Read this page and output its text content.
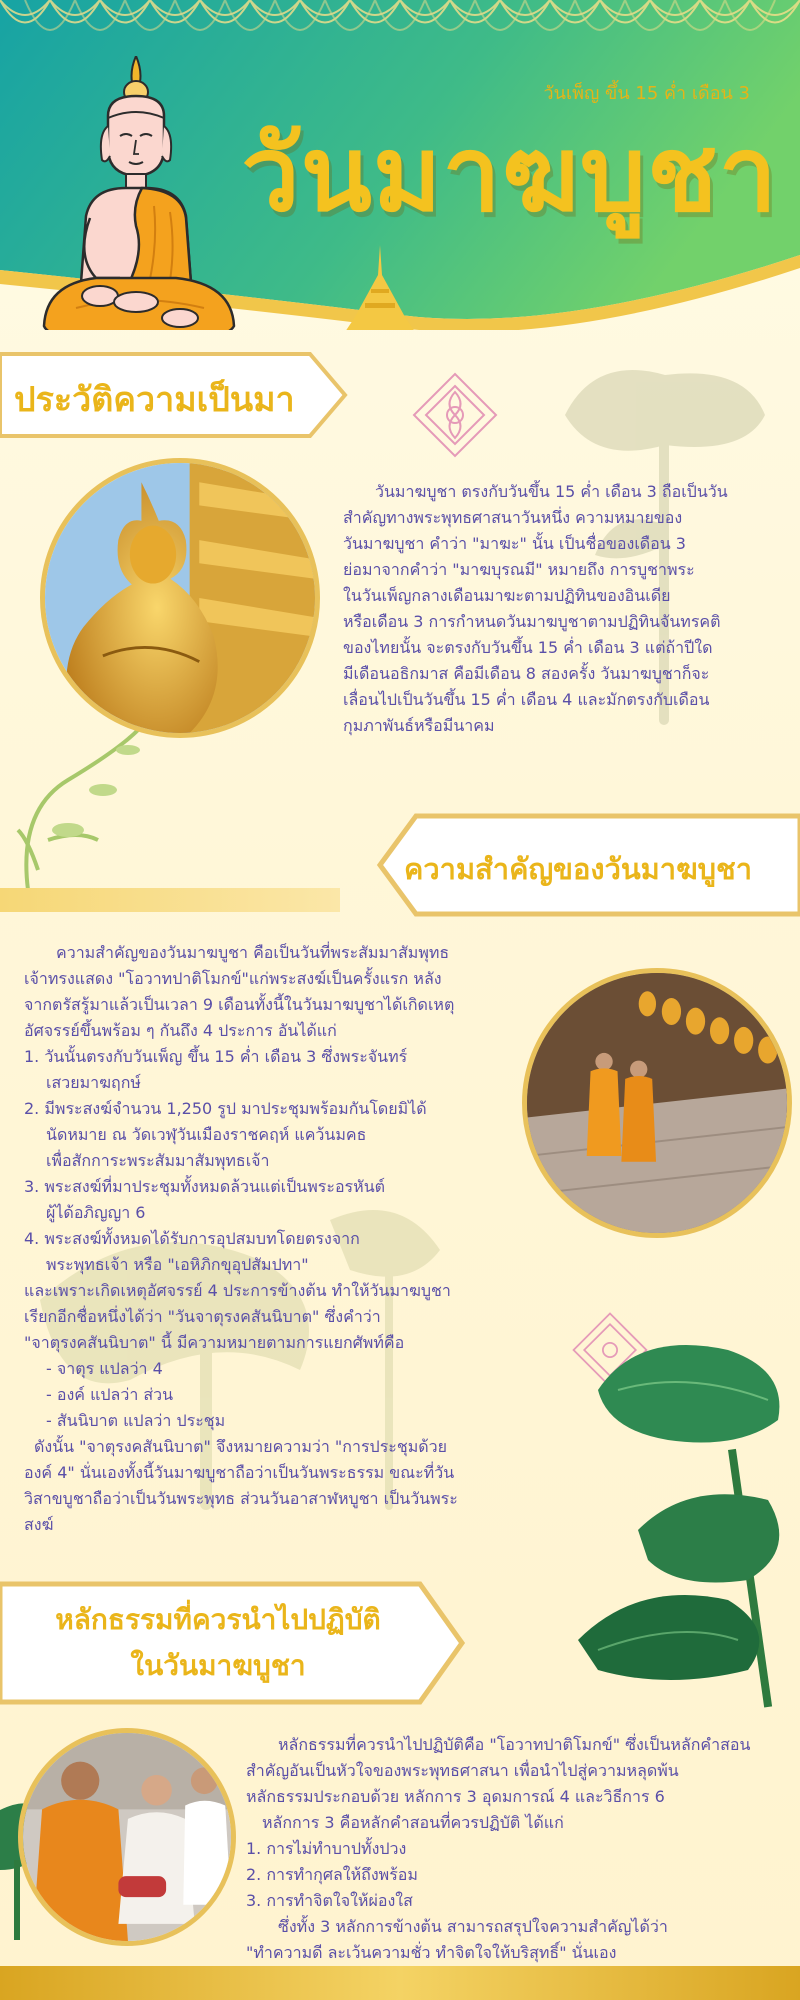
วันเพ็ญ ขึ้น 15 ค่ำ เดือน 3
วันมาฆบูชา
ประวัติความเป็นมา

วันมาฆบูชา ตรงกับวันขึ้น 15 ค่ำ เดือน 3 ถือเป็นวัน

สำคัญทางพระพุทธศาสนาวันหนึ่ง ความหมายของ

วันมาฆบูชา คำว่า "มาฆะ" นั้น เป็นชื่อของเดือน 3

ย่อมาจากคำว่า "มาฆบุรณมี" หมายถึง การบูชาพระ

ในวันเพ็ญกลางเดือนมาฆะตามปฏิทินของอินเดีย

หรือเดือน 3 การกำหนดวันมาฆบูชาตามปฏิทินจันทรคติ

ของไทยนั้น จะตรงกับวันขึ้น 15 ค่ำ เดือน 3 แต่ถ้าปีใด

มีเดือนอธิกมาส คือมีเดือน 8 สองครั้ง วันมาฆบูชาก็จะ

เลื่อนไปเป็นวันขึ้น 15 ค่ำ เดือน 4 และมักตรงกับเดือน

กุมภาพันธ์หรือมีนาคม

ความสำคัญของวันมาฆบูชา

ความสำคัญของวันมาฆบูชา คือเป็นวันที่พระสัมมาสัมพุทธ

เจ้าทรงแสดง "โอวาทปาติโมกข์"แก่พระสงฆ์เป็นครั้งแรก หลัง

จากตรัสรู้มาแล้วเป็นเวลา 9 เดือนทั้งนี้ในวันมาฆบูชาได้เกิดเหตุ

อัศจรรย์ขึ้นพร้อม ๆ กันถึง 4 ประการ อันได้แก่

1. วันนั้นตรงกับวันเพ็ญ ขึ้น 15 ค่ำ เดือน 3 ซึ่งพระจันทร์

เสวยมาฆฤกษ์

2. มีพระสงฆ์จำนวน 1,250 รูป มาประชุมพร้อมกันโดยมิได้

นัดหมาย ณ วัดเวฬุวันเมืองราชคฤห์ แคว้นมคธ

เพื่อสักการะพระสัมมาสัมพุทธเจ้า

3. พระสงฆ์ที่มาประชุมทั้งหมดล้วนแต่เป็นพระอรหันต์

ผู้ได้อภิญญา 6

4. พระสงฆ์ทั้งหมดได้รับการอุปสมบทโดยตรงจาก

พระพุทธเจ้า หรือ "เอหิภิกขุอุปสัมปทา"

และเพราะเกิดเหตุอัศจรรย์ 4 ประการข้างต้น ทำให้วันมาฆบูชา

เรียกอีกชื่อหนึ่งได้ว่า "วันจาตุรงคสันนิบาต" ซึ่งคำว่า

"จาตุรงคสันนิบาต" นี้ มีความหมายตามการแยกศัพท์คือ

- จาตุร แปลว่า 4

- องค์ แปลว่า ส่วน

- สันนิบาต แปลว่า ประชุม

ดังนั้น "จาตุรงคสันนิบาต" จึงหมายความว่า "การประชุมด้วย

องค์ 4" นั่นเองทั้งนี้วันมาฆบูชาถือว่าเป็นวันพระธรรม ขณะที่วัน

วิสาขบูชาถือว่าเป็นวันพระพุทธ ส่วนวันอาสาฬหบูชา เป็นวันพระ

สงฆ์

หลักธรรมที่ควรนำไปปฏิบัติ
ในวันมาฆบูชา

หลักธรรมที่ควรนำไปปฏิบัติคือ "โอวาทปาติโมกข์" ซึ่งเป็นหลักคำสอน

สำคัญอันเป็นหัวใจของพระพุทธศาสนา เพื่อนำไปสู่ความหลุดพ้น

หลักธรรมประกอบด้วย หลักการ 3 อุดมการณ์ 4 และวิธีการ 6

หลักการ 3 คือหลักคำสอนที่ควรปฏิบัติ ได้แก่

1. การไม่ทำบาปทั้งปวง

2. การทำกุศลให้ถึงพร้อม

3. การทำจิตใจให้ผ่องใส

ซึ่งทั้ง 3 หลักการข้างต้น สามารถสรุปใจความสำคัญได้ว่า

"ทำความดี ละเว้นความชั่ว ทำจิตใจให้บริสุทธิ์" นั่นเอง
